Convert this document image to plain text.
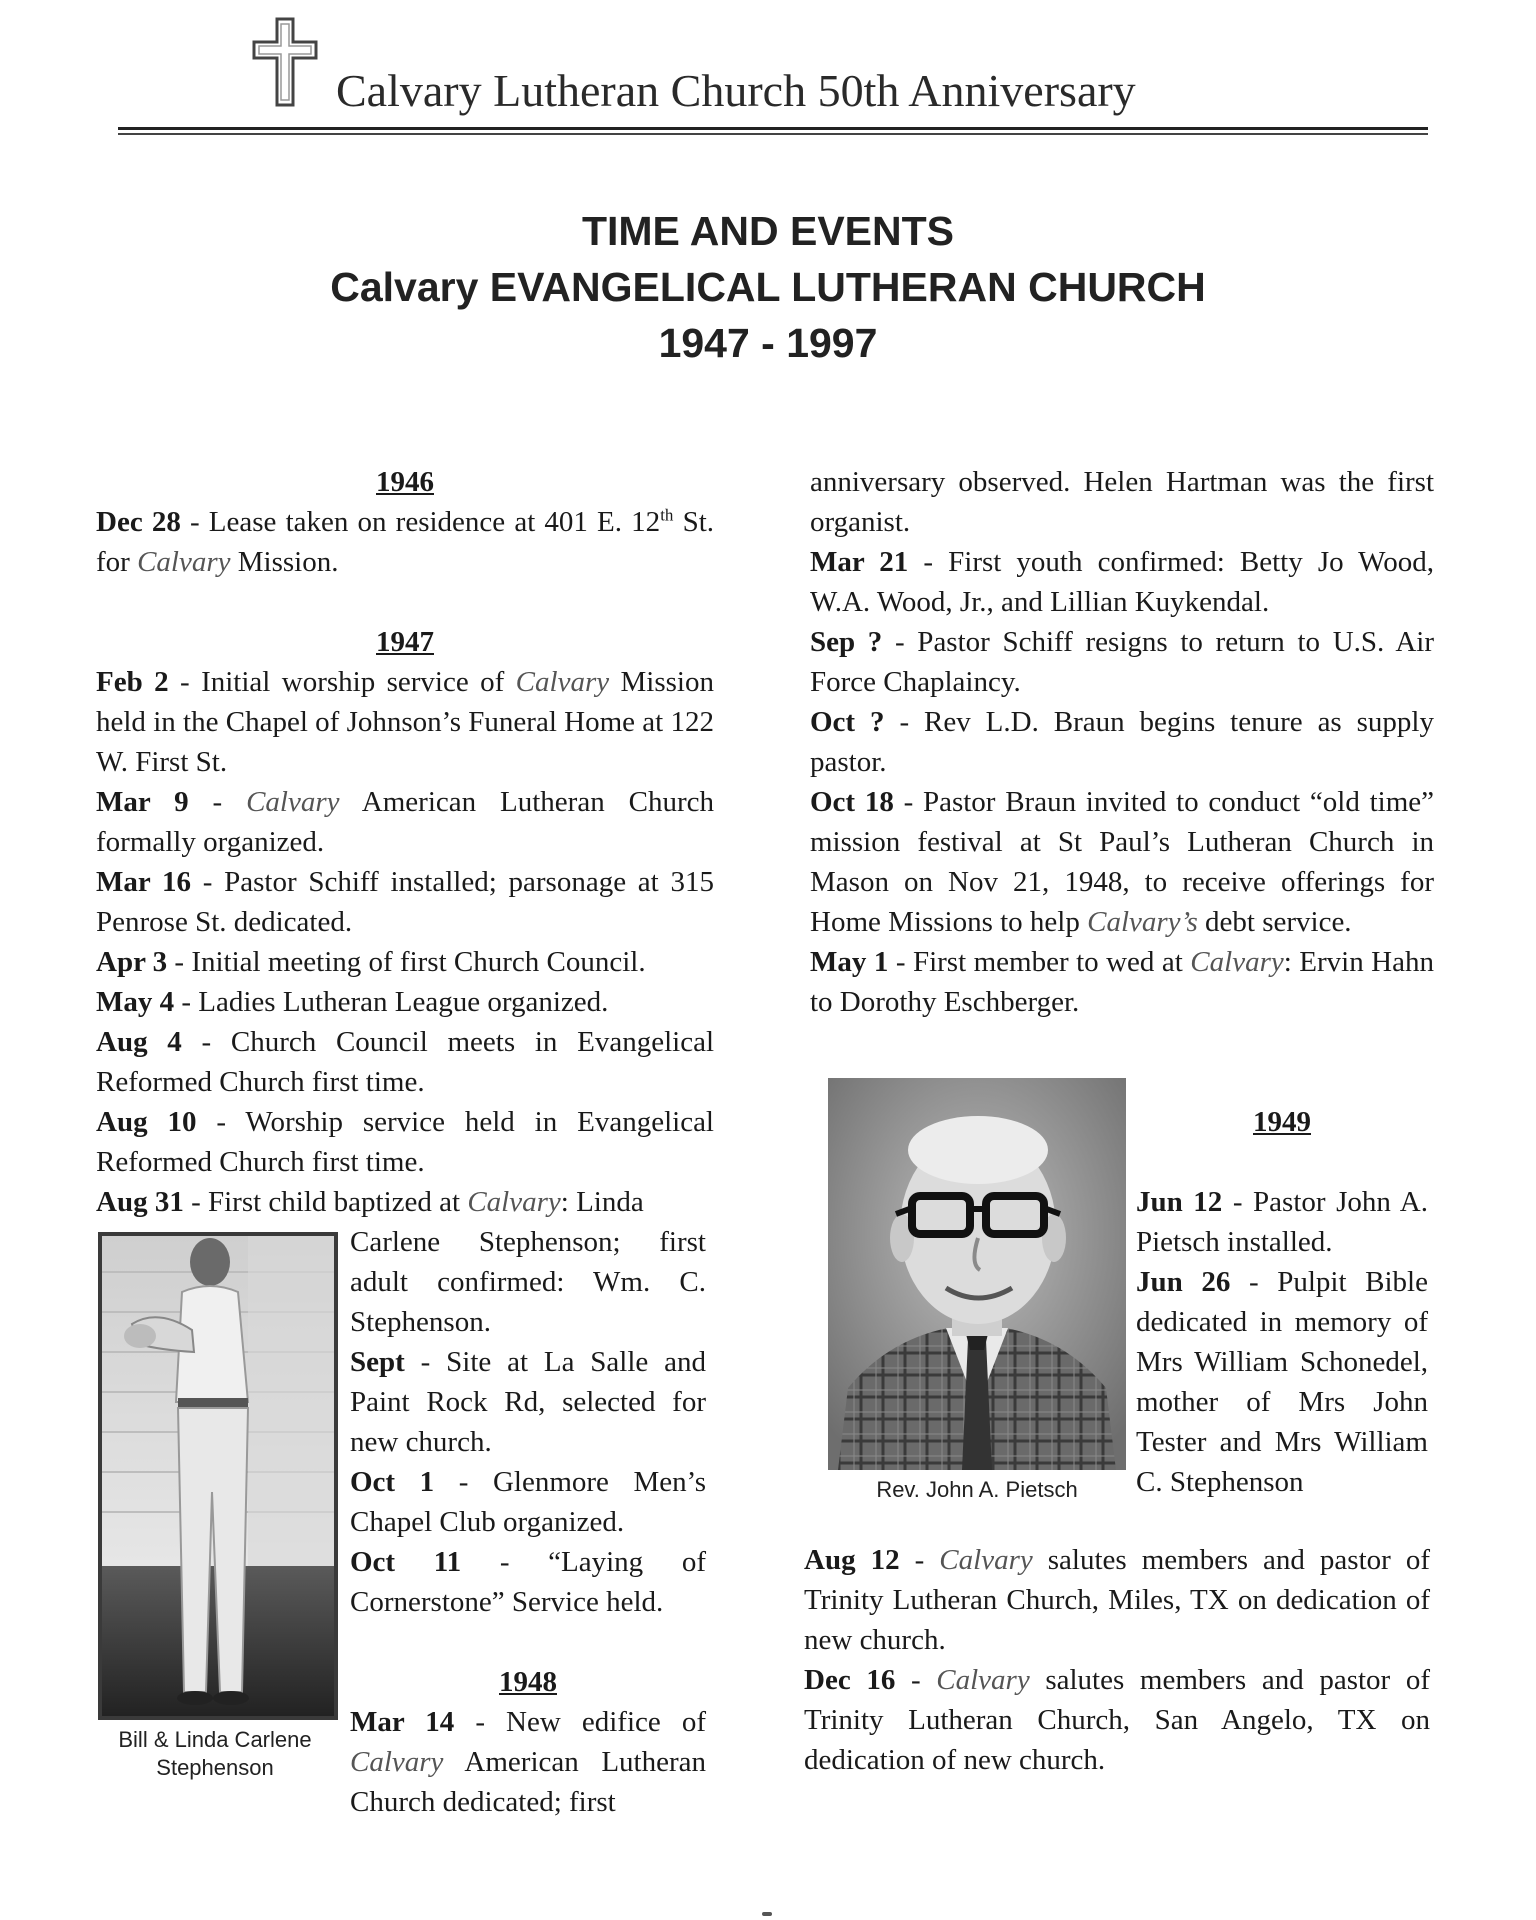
Calvary Lutheran Church 50th Anniversary
TIME AND EVENTS
Calvary EVANGELICAL LUTHERAN CHURCH
1947 - 1997

1946

Dec 28 - Lease taken on residence at 401 E. 12th St. for Calvary Mission.

1947

Feb 2 - Initial worship service of Calvary Mission held in the Chapel of Johnson’s Funeral Home at 122 W. First St.

Mar 9 - Calvary American Lutheran Church formally organized.

Mar 16 - Pastor Schiff installed; parsonage at 315 Penrose St. dedicated.

Apr 3 - Initial meeting of first Church Council.

May 4 - Ladies Lutheran League organized.

Aug 4 - Church Council meets in Evangelical Reformed Church first time.

Aug 10 - Worship service held in Evangelical Reformed Church first time.

Aug 31 - First child baptized at Calvary: Linda

Bill & Linda Carlene
Stephenson

Carlene Stephenson; first adult confirmed: Wm. C. Stephenson.

Sept - Site at La Salle and Paint Rock Rd, selected for new church.

Oct 1 - Glenmore Men’s Chapel Club organized.

Oct 11 - “Laying of Cornerstone” Service held.

1948

Mar 14 - New edifice of Calvary American Lutheran Church dedicated; first

anniversary observed. Helen Hartman was the first organist.

Mar 21 - First youth confirmed: Betty Jo Wood, W.A. Wood, Jr., and Lillian Kuykendal.

Sep ? - Pastor Schiff resigns to return to U.S. Air Force Chaplaincy.

Oct ? - Rev L.D. Braun begins tenure as supply pastor.

Oct 18 - Pastor Braun invited to conduct “old time” mission festival at St Paul’s Lutheran Church in Mason on Nov 21, 1948, to receive offerings for Home Missions to help Calvary’s debt service.

May 1 - First member to wed at Calvary: Ervin Hahn to Dorothy Eschberger.

Rev. John A. Pietsch

1949

Jun 12 - Pastor John A. Pietsch installed.

Jun 26 - Pulpit Bible dedicated in memory of Mrs William Schonedel, mother of Mrs John Tester and Mrs William C. Stephenson

Aug 12 - Calvary salutes members and pastor of Trinity Lutheran Church, Miles, TX on dedication of new church.

Dec 16 - Calvary salutes members and pastor of Trinity Lutheran Church, San Angelo, TX on dedication of new church.
